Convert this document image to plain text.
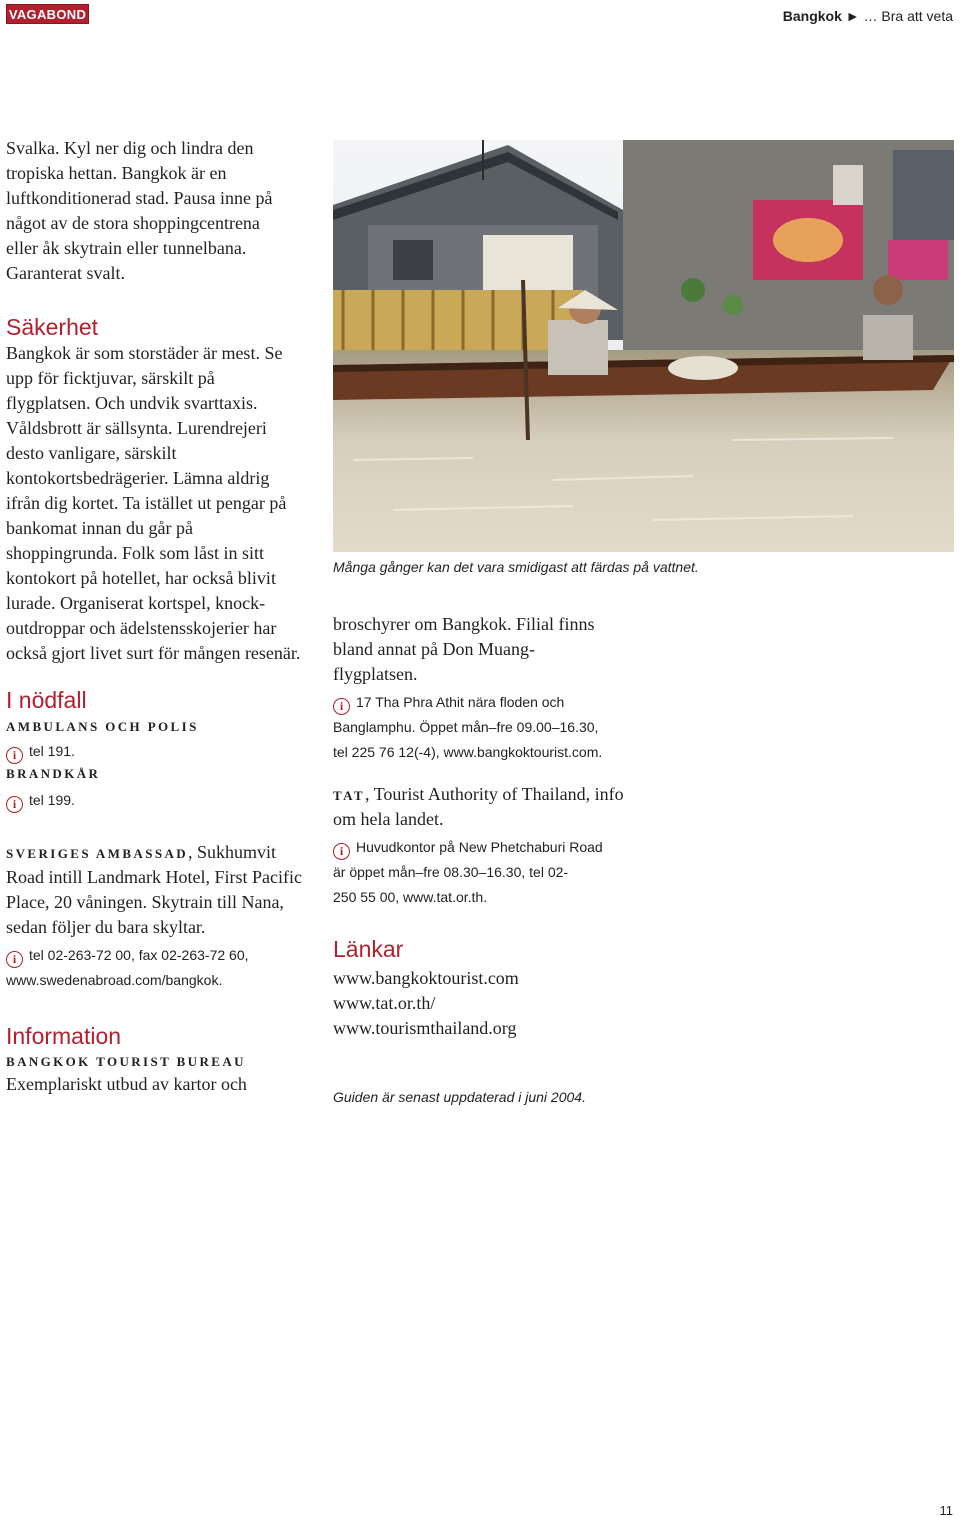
VAGABOND	Bangkok ► … Bra att veta

Svalka. Kyl ner dig och lindra den tropiska hettan. Bangkok är en luftkonditionerad stad. Pausa inne på något av de stora shoppingcentrena eller åk skytrain eller tunnelbana. Garanterat svalt.

Säkerhet

Bangkok är som storstäder är mest. Se upp för ficktjuvar, särskilt på flygplatsen. Och undvik svarttaxis. Våldsbrott är sällsynta. Lurendrejeri desto vanligare, särskilt kontokortsbedrägerier. Lämna aldrig ifrån dig kortet. Ta istället ut pengar på bankomat innan du går på shoppingrunda. Folk som låst in sitt kontokort på hotellet, har också blivit lurade. Organiserat kortspel, knock-outdroppar och ädelstensskojerier har också gjort livet surt för mången resenär.

I nödfall
AMBULANS OCH POLIS
i tel 191.
BRANDKÅR
i tel 199.

SVERIGES AMBASSAD, Sukhumvit Road intill Landmark Hotel, First Pacific Place, 20 våningen. Skytrain till Nana, sedan följer du bara skyltar.

i tel 02-263-72 00, fax 02-263-72 60,
www.swedenabroad.com/bangkok.
Information
BANGKOK TOURIST BUREAU

Exemplariskt utbud av kartor och

Många gånger kan det vara smidigast att färdas på vattnet.

broschyrer om Bangkok. Filial finns bland annat på Don Muang-flygplatsen.

i 17 Tha Phra Athit nära floden och
Banglamphu. Öppet mån–fre 09.00–16.30,
tel 225 76 12(-4), www.bangkoktourist.com.

TAT, Tourist Authority of Thailand, info om hela landet.

i Huvudkontor på New Phetchaburi Road
är öppet mån–fre 08.30–16.30, tel 02-
250 55 00, www.tat.or.th.
Länkar
www.bangkoktourist.com
www.tat.or.th/
www.tourismthailand.org
Guiden är senast uppdaterad i juni 2004.
11
